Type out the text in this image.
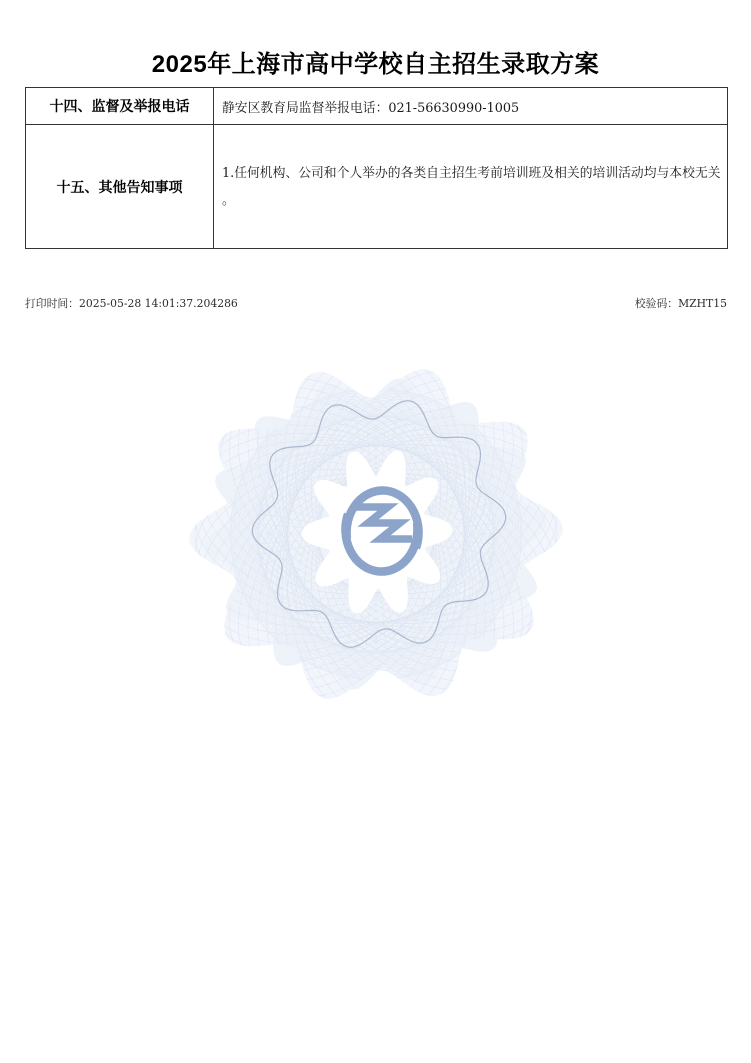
2025年上海市高中学校自主招生录取方案
十四、监督及举报电话	静安区教育局监督举报电话：021-56630990-1005
十五、其他告知事项	1.任何机构、公司和个人举办的各类自主招生考前培训班及相关的培训活动均与本校无关。
打印时间：2025-05-28 14:01:37.204286	校验码：MZHT15
